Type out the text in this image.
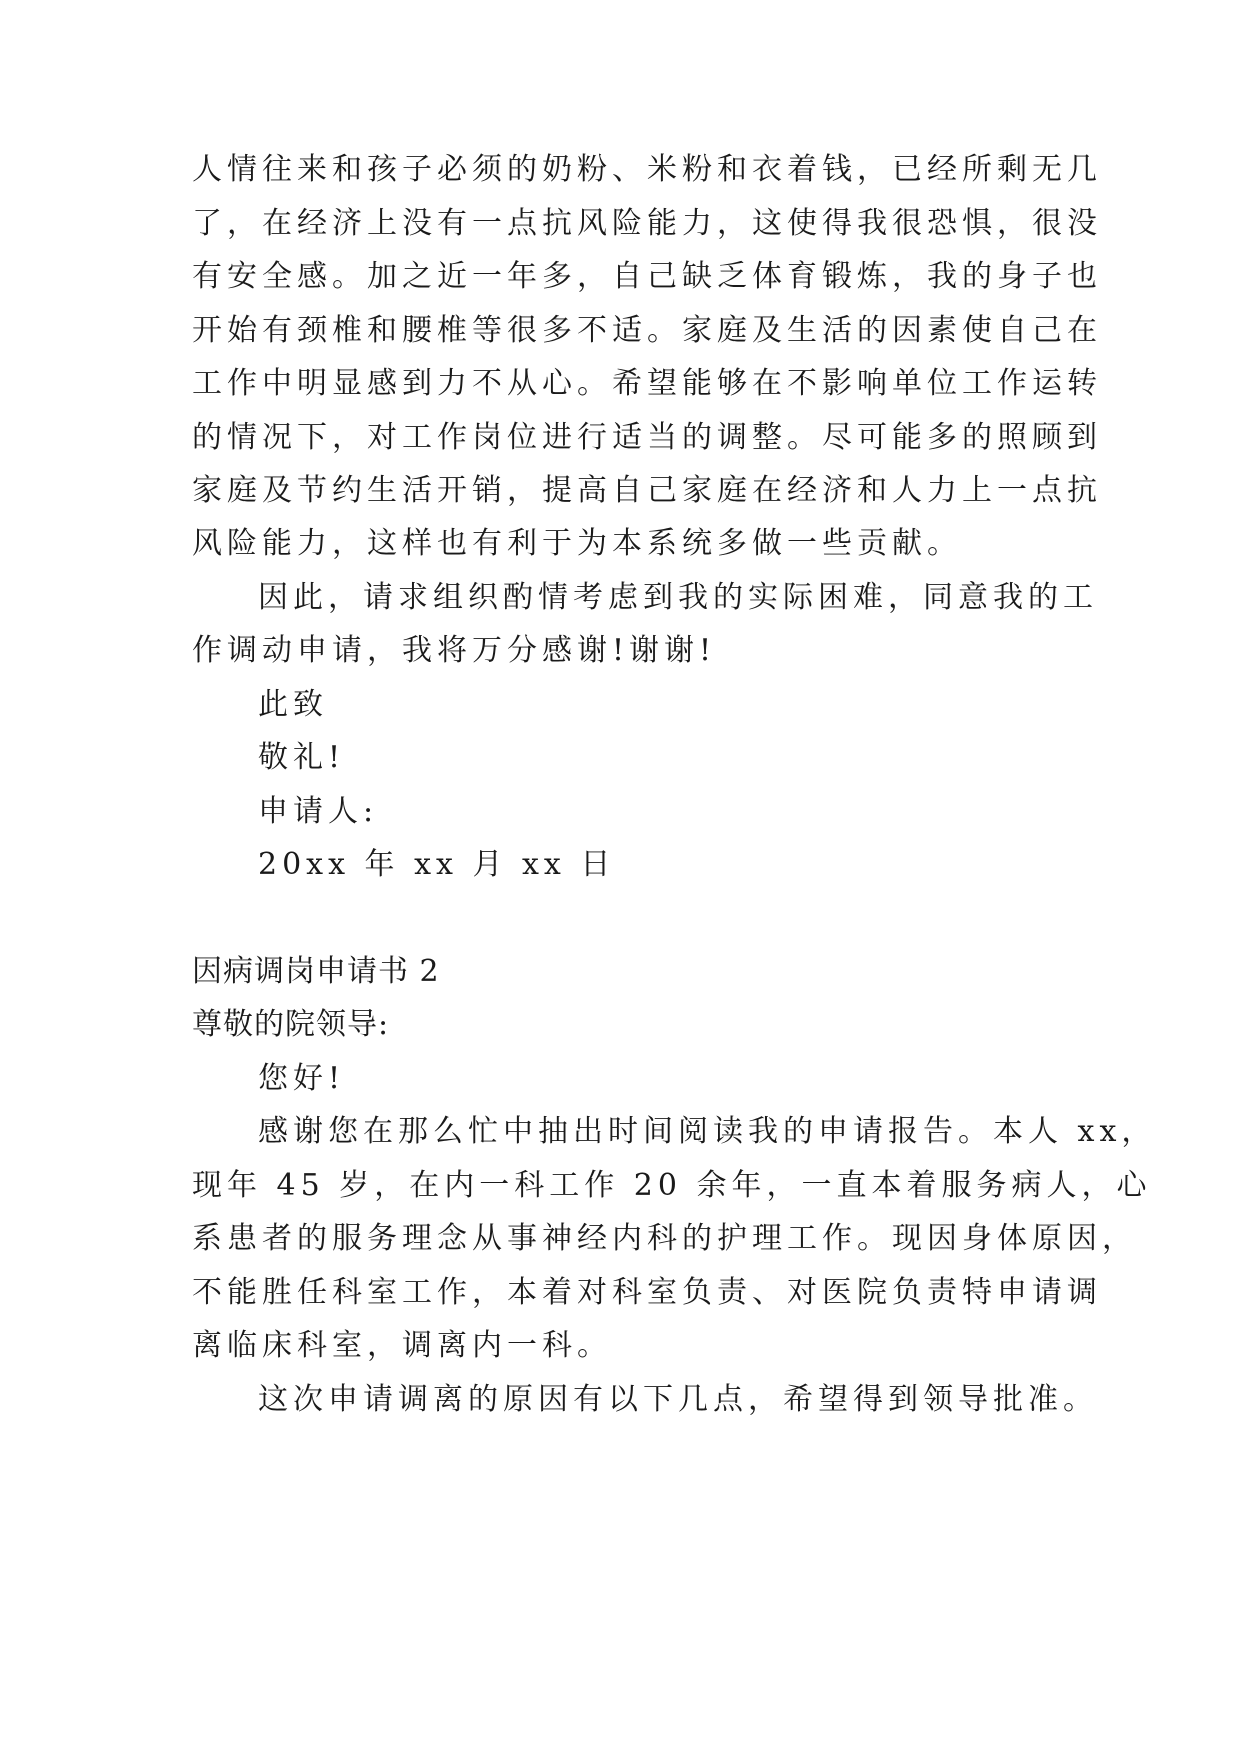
人情往来和孩子必须的奶粉、米粉和衣着钱，已经所剩无几
了，在经济上没有一点抗风险能力，这使得我很恐惧，很没
有安全感。加之近一年多，自己缺乏体育锻炼，我的身子也
开始有颈椎和腰椎等很多不适。家庭及生活的因素使自己在
工作中明显感到力不从心。希望能够在不影响单位工作运转
的情况下，对工作岗位进行适当的调整。尽可能多的照顾到
家庭及节约生活开销，提高自己家庭在经济和人力上一点抗
风险能力，这样也有利于为本系统多做一些贡献。
因此，请求组织酌情考虑到我的实际困难，同意我的工
作调动申请，我将万分感谢!谢谢!
此致
敬礼!
申请人:
20xx 年 xx 月 xx 日
因病调岗申请书 2
尊敬的院领导:
您好!
感谢您在那么忙中抽出时间阅读我的申请报告。本人 xx，
现年 45 岁，在内一科工作 20 余年，一直本着服务病人，心
系患者的服务理念从事神经内科的护理工作。现因身体原因，
不能胜任科室工作，本着对科室负责、对医院负责特申请调
离临床科室，调离内一科。
这次申请调离的原因有以下几点，希望得到领导批准。
